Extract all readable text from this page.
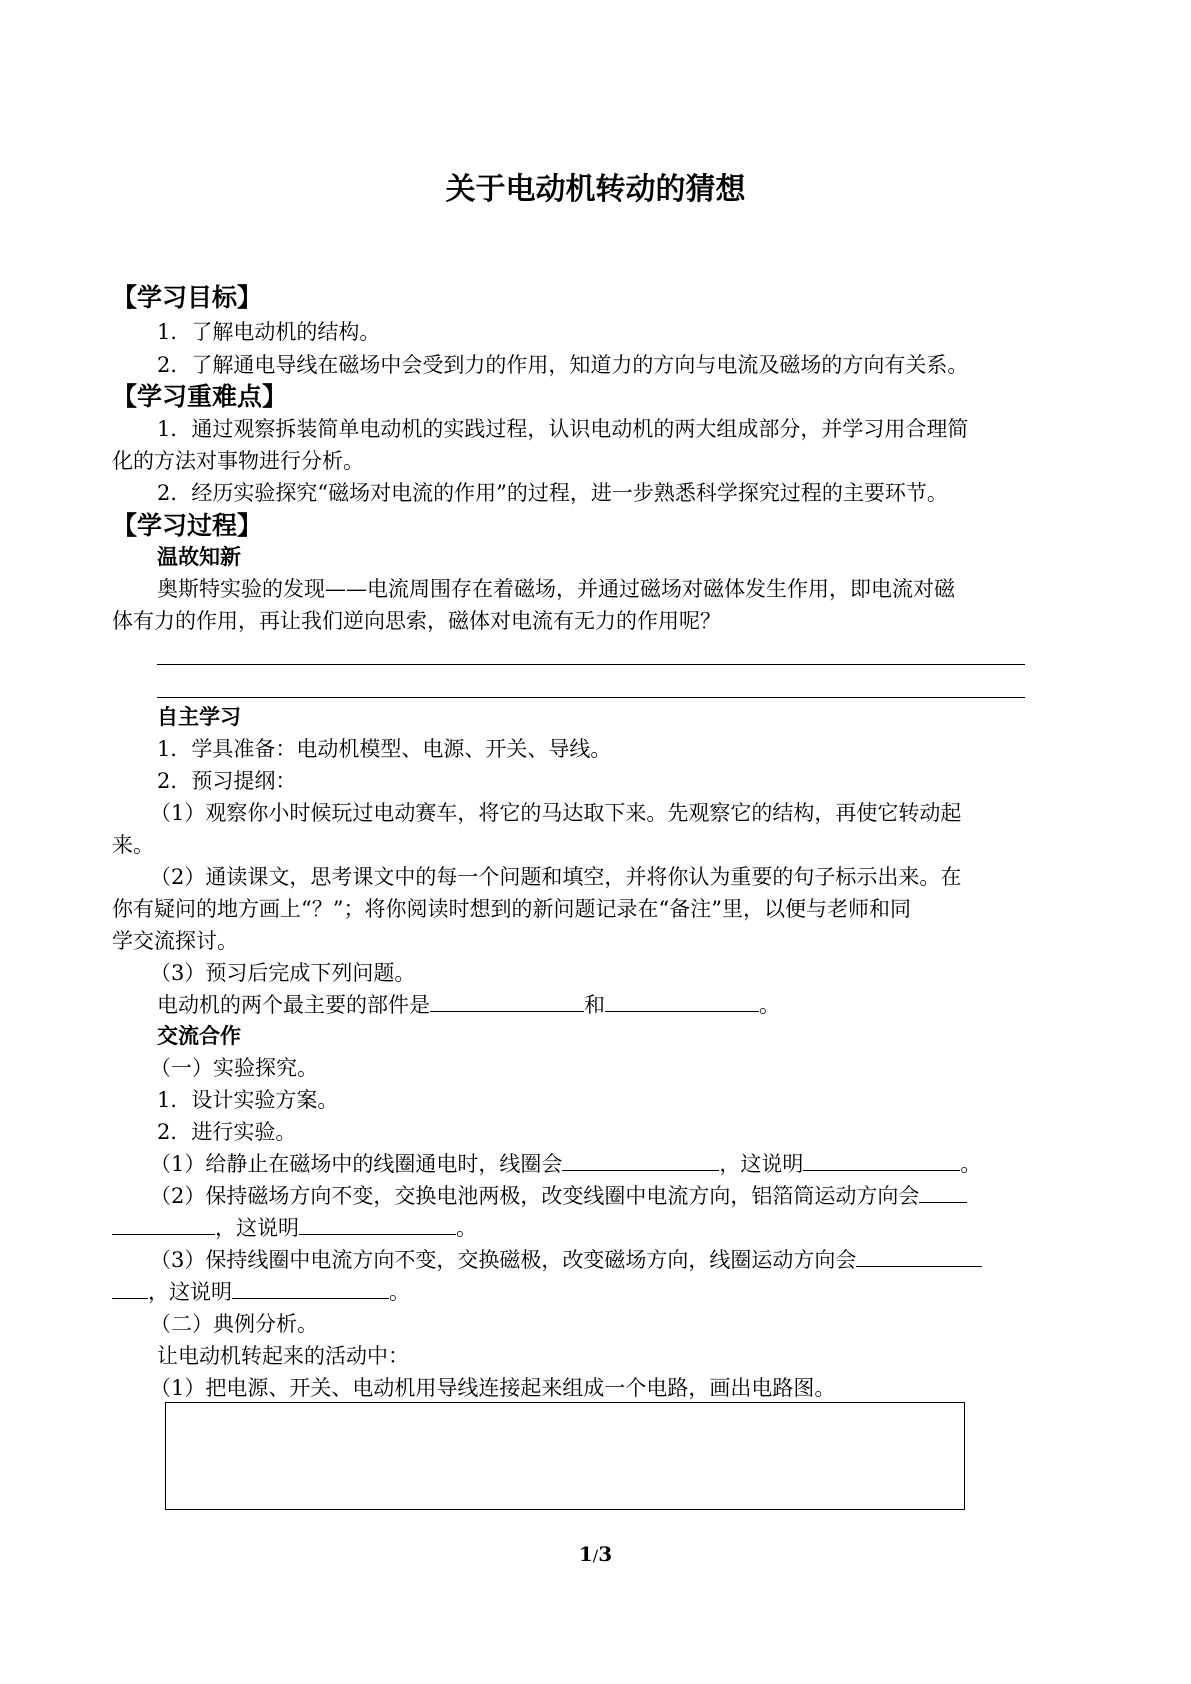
关于电动机转动的猜想
【学习目标】
1．了解电动机的结构。
2．了解通电导线在磁场中会受到力的作用，知道力的方向与电流及磁场的方向有关系。
【学习重难点】
1．通过观察拆装简单电动机的实践过程，认识电动机的两大组成部分，并学习用合理简
化的方法对事物进行分析。
2．经历实验探究“磁场对电流的作用”的过程，进一步熟悉科学探究过程的主要环节。
【学习过程】
温故知新
奥斯特实验的发现——电流周围存在着磁场，并通过磁场对磁体发生作用，即电流对磁
体有力的作用，再让我们逆向思索，磁体对电流有无力的作用呢？
自主学习
1．学具准备：电动机模型、电源、开关、导线。
2．预习提纲：
（1）观察你小时候玩过电动赛车，将它的马达取下来。先观察它的结构，再使它转动起
来。
（2）通读课文，思考课文中的每一个问题和填空，并将你认为重要的句子标示出来。在
你有疑问的地方画上“？”；将你阅读时想到的新问题记录在“备注”里，以便与老师和同
学交流探讨。
（3）预习后完成下列问题。
电动机的两个最主要的部件是	和	。
交流合作
（一）实验探究。
1．设计实验方案。
2．进行实验。
（1）给静止在磁场中的线圈通电时，线圈会	，这说明	。
（2）保持磁场方向不变，交换电池两极，改变线圈中电流方向，铝箔筒运动方向会
，这说明	。
（3）保持线圈中电流方向不变，交换磁极，改变磁场方向，线圈运动方向会
，这说明	。
（二）典例分析。
让电动机转起来的活动中：
（1）把电源、开关、电动机用导线连接起来组成一个电路，画出电路图。
1/3
